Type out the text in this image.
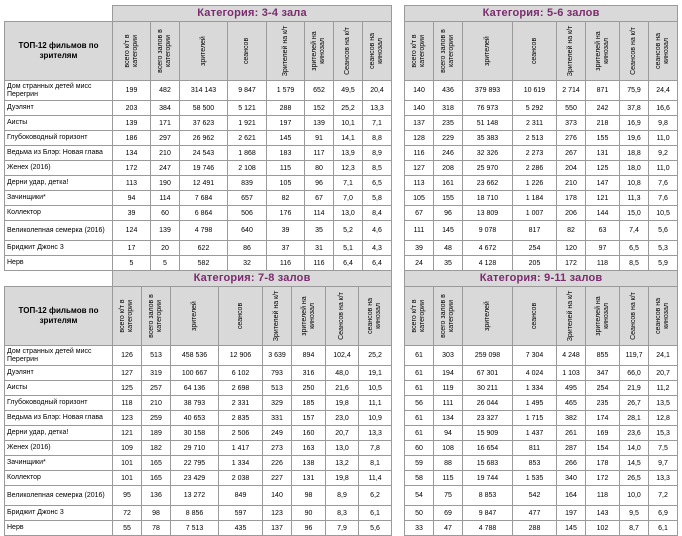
	Категория: 3-4 зала							
ТОП-12 фильмов по зрителям	всего к/т в категории	всего залов в категории	зрителей	сеансов	Зрителей на к/т	зрителей на кинозал	Сеансов на к/т	сеансов на кинозал

Дом странных детей мисс Перегрин	199	482	314 143	9 847	1 579	652	49,5	20,4
Дуэлянт	203	384	58 500	5 121	288	152	25,2	13,3
Аисты	139	171	37 623	1 921	197	139	10,1	7,1
Глубоководный горизонт	186	297	26 962	2 621	145	91	14,1	8,8
Ведьма из Блэр: Новая глава	134	210	24 543	1 868	183	117	13,9	8,9
Женех (2016)	172	247	19 746	2 108	115	80	12,3	8,5
Дерни удар, детка!	113	190	12 491	839	105	96	7,1	6,5
Зачинщики*	94	114	7 684	657	82	67	7,0	5,8
Коллектор	39	60	6 864	506	176	114	13,0	8,4
Великолепная семерка (2016)	124	139	4 798	640	39	35	5,2	4,6
Бриджит Джонс 3	17	20	622	86	37	31	5,1	4,3
Нерв	5	5	582	32	116	116	6,4	6,4
Категория: 5-6 залов							

всего к/т в категории	всего залов в категории	зрителей	сеансов	Зрителей на к/т	зрителей на кинозал	Сеансов на к/т	сеансов на кинозал

140	436	379 893	10 619	2 714	871	75,9	24,4
140	318	76 973	5 292	550	242	37,8	16,6
137	235	51 148	2 311	373	218	16,9	9,8
128	229	35 383	2 513	276	155	19,6	11,0
116	246	32 326	2 273	267	131	18,8	9,2
127	208	25 970	2 286	204	125	18,0	11,0
113	161	23 662	1 226	210	147	10,8	7,6
105	155	18 710	1 184	178	121	11,3	7,6
67	96	13 809	1 007	206	144	15,0	10,5
111	145	9 078	817	82	63	7,4	5,6
39	48	4 672	254	120	97	6,5	5,3
24	35	4 128	205	172	118	8,5	5,9
	Категория: 7-8 залов							
ТОП-12 фильмов по зрителям	всего к/т в категории	всего залов в категории	зрителей	сеансов	Зрителей на к/т	зрителей на кинозал	Сеансов на к/т	сеансов на кинозал

Дом странных детей мисс Перегрин	126	513	458 536	12 906	3 639	894	102,4	25,2
Дуэлянт	127	319	100 667	6 102	793	316	48,0	19,1
Аисты	125	257	64 136	2 698	513	250	21,6	10,5
Глубоководный горизонт	118	210	38 793	2 331	329	185	19,8	11,1
Ведьма из Блэр: Новая глава	123	259	40 653	2 835	331	157	23,0	10,9
Дерни удар, детка!	121	189	30 158	2 506	249	160	20,7	13,3
Женех (2016)	109	182	29 710	1 417	273	163	13,0	7,8
Зачинщики*	101	165	22 795	1 334	226	138	13,2	8,1
Коллектор	101	165	23 429	2 038	227	131	19,8	11,4
Великолепная семерка (2016)	95	136	13 272	849	140	98	8,9	6,2
Бриджит Джонс 3	72	98	8 856	597	123	90	8,3	6,1
Нерв	55	78	7 513	435	137	96	7,9	5,6
Категория: 9-11 залов							

всего к/т в категории	всего залов в категории	зрителей	сеансов	Зрителей на к/т	зрителей на кинозал	Сеансов на к/т	сеансов на кинозал

61	303	259 098	7 304	4 248	855	119,7	24,1
61	194	67 301	4 024	1 103	347	66,0	20,7
61	119	30 211	1 334	495	254	21,9	11,2
56	111	26 044	1 495	465	235	26,7	13,5
61	134	23 327	1 715	382	174	28,1	12,8
61	94	15 909	1 437	261	169	23,6	15,3
60	108	16 654	811	287	154	14,0	7,5
59	88	15 683	853	266	178	14,5	9,7
58	115	19 744	1 535	340	172	26,5	13,3
54	75	8 853	542	164	118	10,0	7,2
50	69	9 847	477	197	143	9,5	6,9
33	47	4 788	288	145	102	8,7	6,1
